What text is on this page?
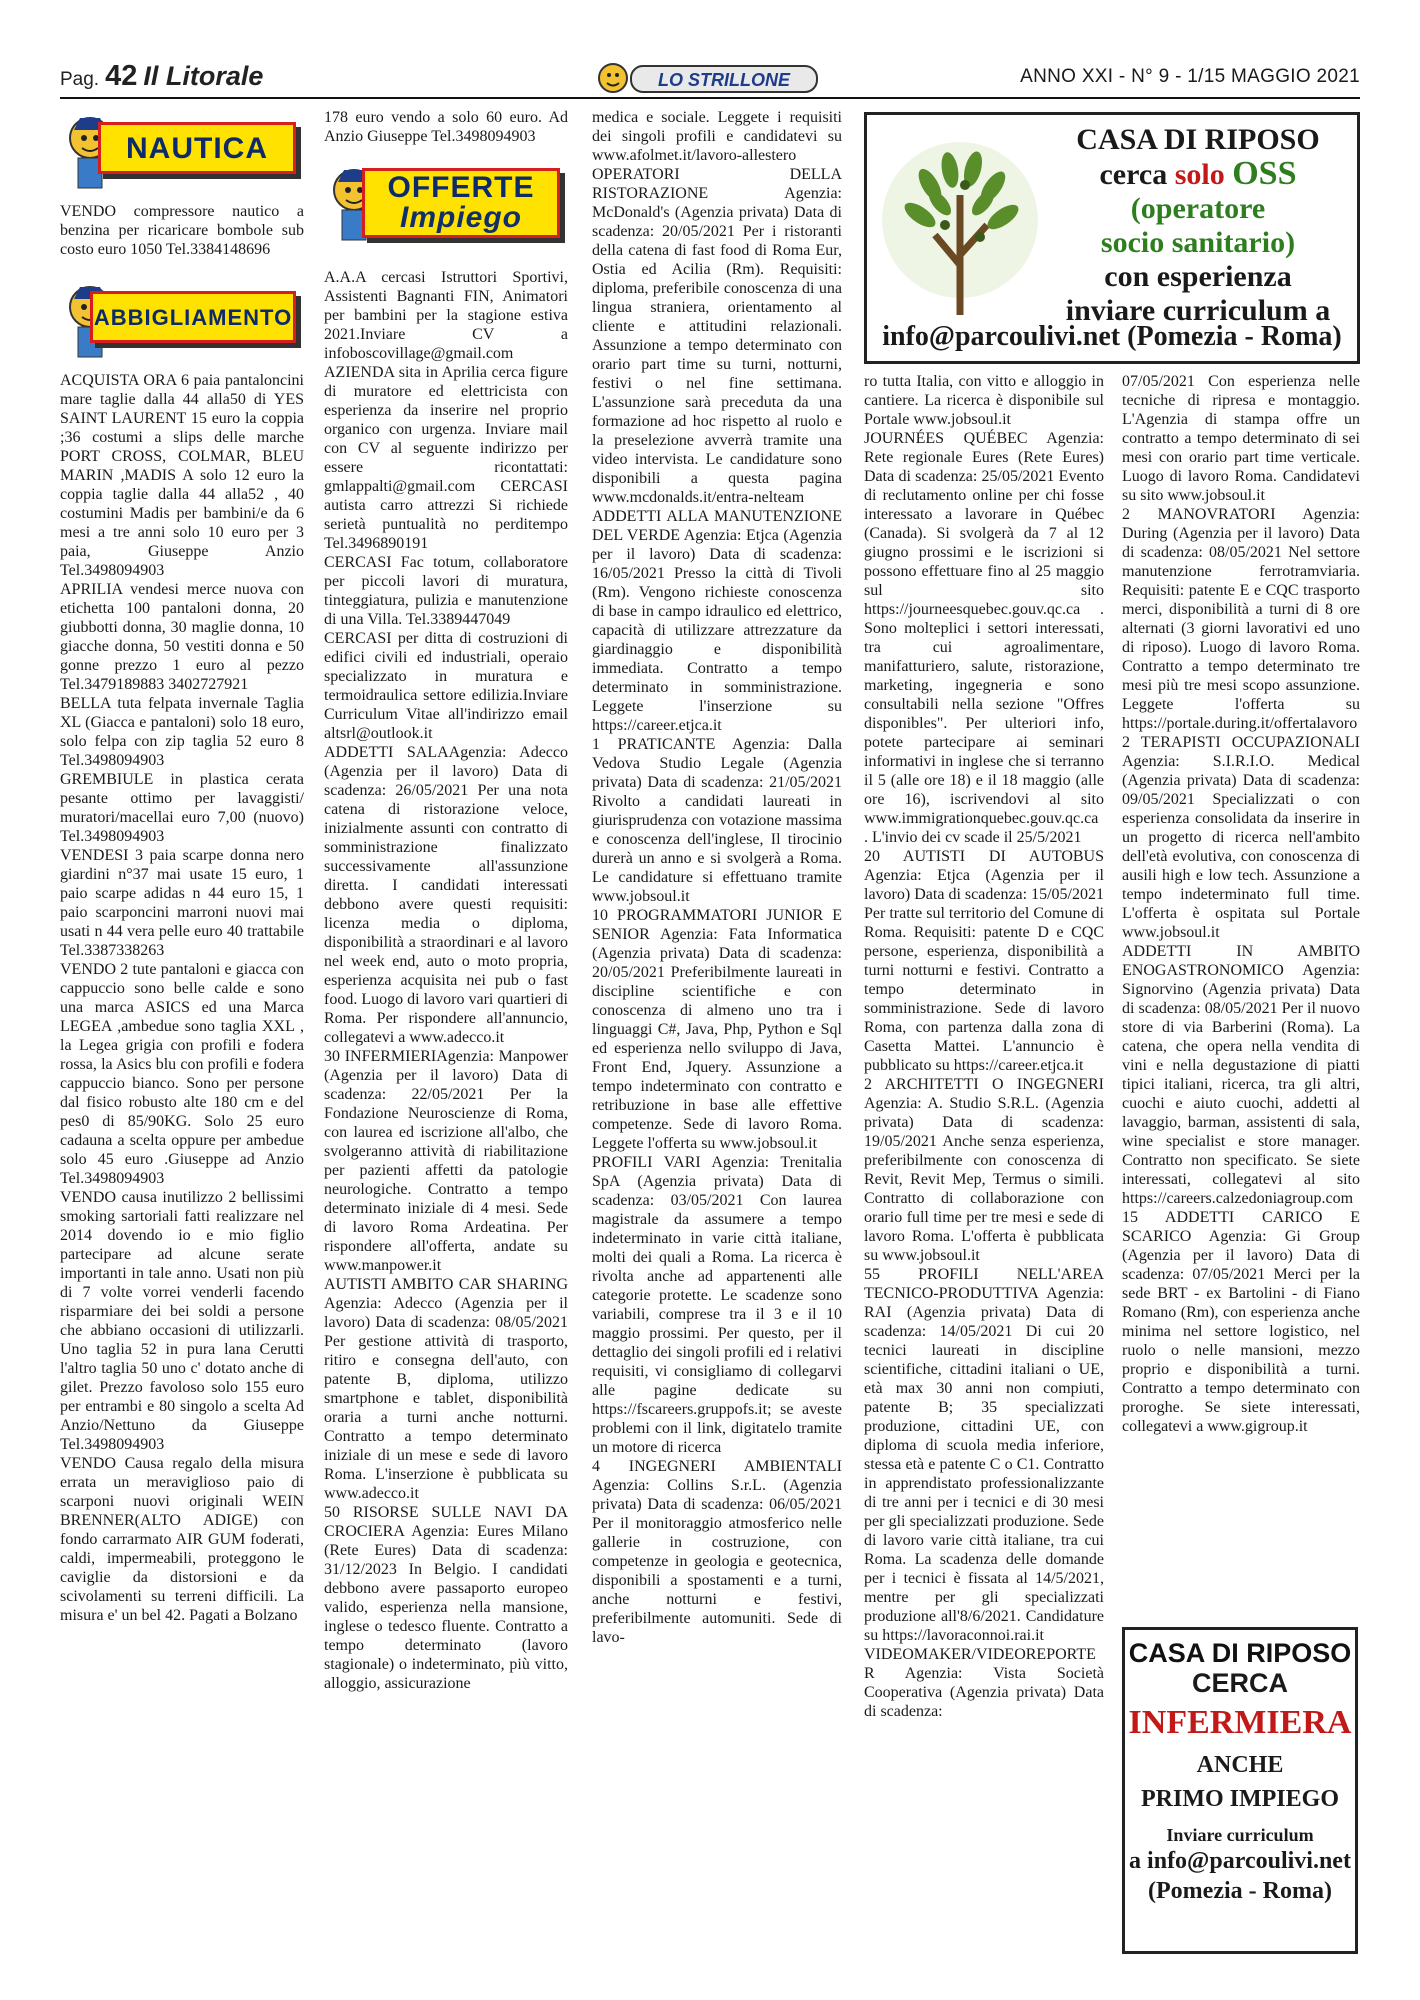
Pag. 42 Il Litorale	LO STRILLONE	ANNO XXI - N° 9 - 1/15 MAGGIO 2021
NAUTICA

VENDO compressore nautico a benzina per ricaricare bombole sub costo euro 1050 Tel.3384148696

ABBIGLIAMENTO

ACQUISTA ORA 6 paia pantaloncini mare taglie dalla 44 alla50 di YES SAINT LAURENT 15 euro la coppia ;36 costumi a slips delle marche PORT CROSS, COLMAR, BLEU MARIN ,MADIS A solo 12 euro la coppia taglie dalla 44 alla52 , 40 costumini Madis per bambini/e da 6 mesi a tre anni solo 10 euro per 3 paia, Giuseppe Anzio Tel.3498094903

APRILIA vendesi merce nuova con etichetta 100 pantaloni donna, 20 giubbotti donna, 30 maglie donna, 10 giacche donna, 50 vestiti donna e 50 gonne prezzo 1 euro al pezzo Tel.3479189883 3402727921

BELLA tuta felpata invernale Taglia XL (Giacca e pantaloni) solo 18 euro, solo felpa con zip taglia 52 euro 8 Tel.3498094903

GREMBIULE in plastica cerata pesante ottimo per lavaggisti/ muratori/macellai euro 7,00 (nuovo) Tel.3498094903

VENDESI 3 paia scarpe donna nero giardini n°37 mai usate 15 euro, 1 paio scarpe adidas n 44 euro 15, 1 paio scarponcini marroni nuovi mai usati n 44 vera pelle euro 40 trattabile Tel.3387338263

VENDO 2 tute pantaloni e giacca con cappuccio sono belle calde e sono una marca ASICS ed una Marca LEGEA ,ambedue sono taglia XXL , la Legea grigia con profili e fodera rossa, la Asics blu con profili e fodera cappuccio bianco. Sono per persone dal fisico robusto alte 180 cm e del pes0 di 85/90KG. Solo 25 euro cadauna a scelta oppure per ambedue solo 45 euro .Giuseppe ad Anzio Tel.3498094903

VENDO causa inutilizzo 2 bellissimi smoking sartoriali fatti realizzare nel 2014 dovendo io e mio figlio partecipare ad alcune serate importanti in tale anno. Usati non più di 7 volte vorrei venderli facendo risparmiare dei bei soldi a persone che abbiano occasioni di utilizzarli. Uno taglia 52 in pura lana Cerutti l'altro taglia 50 uno c' dotato anche di gilet. Prezzo favoloso solo 155 euro per entrambi e 80 singolo a scelta Ad Anzio/Nettuno da Giuseppe Tel.3498094903

VENDO Causa regalo della misura errata un meraviglioso paio di scarponi nuovi originali WEIN BRENNER(ALTO ADIGE) con fondo carrarmato AIR GUM foderati, caldi, impermeabili, proteggono le caviglie da distorsioni e da scivolamenti su terreni difficili. La misura e' un bel 42. Pagati a Bolzano

178 euro vendo a solo 60 euro. Ad Anzio Giuseppe Tel.3498094903

OFFERTE
Impiego

A.A.A cercasi Istruttori Sportivi, Assistenti Bagnanti FIN, Animatori per bambini per la stagione estiva 2021.Inviare CV a infoboscovillage@gmail.com

AZIENDA sita in Aprilia cerca figure di muratore ed elettricista con esperienza da inserire nel proprio organico con urgenza. Inviare mail con CV al seguente indirizzo per essere ricontattati: gmlappalti@gmail.com CERCASI autista carro attrezzi Si richiede serietà puntualità no perditempo Tel.3496890191

CERCASI Fac totum, collaboratore per piccoli lavori di muratura, tinteggiatura, pulizia e manutenzione di una Villa. Tel.3389447049

CERCASI per ditta di costruzioni di edifici civili ed industriali, operaio specializzato in muratura e termoidraulica settore edilizia.Inviare Curriculum Vitae all'indirizzo email altsrl@outlook.it

ADDETTI SALAAgenzia: Adecco (Agenzia per il lavoro) Data di scadenza: 26/05/2021 Per una nota catena di ristorazione veloce, inizialmente assunti con contratto di somministrazione finalizzato successivamente all'assunzione diretta. I candidati interessati debbono avere questi requisiti: licenza media o diploma, disponibilità a straordinari e al lavoro nel week end, auto o moto propria, esperienza acquisita nei pub o fast food. Luogo di lavoro vari quartieri di Roma. Per rispondere all'annuncio, collegatevi a www.adecco.it

30 INFERMIERIAgenzia: Manpower (Agenzia per il lavoro) Data di scadenza: 22/05/2021 Per la Fondazione Neuroscienze di Roma, con laurea ed iscrizione all'albo, che svolgeranno attività di riabilitazione per pazienti affetti da patologie neurologiche. Contratto a tempo determinato iniziale di 4 mesi. Sede di lavoro Roma Ardeatina. Per rispondere all'offerta, andate su www.manpower.it

AUTISTI AMBITO CAR SHARING Agenzia: Adecco (Agenzia per il lavoro) Data di scadenza: 08/05/2021 Per gestione attività di trasporto, ritiro e consegna dell'auto, con patente B, diploma, utilizzo smartphone e tablet, disponibilità oraria a turni anche notturni. Contratto a tempo determinato iniziale di un mese e sede di lavoro Roma. L'inserzione è pubblicata su www.adecco.it

50 RISORSE SULLE NAVI DA CROCIERA Agenzia: Eures Milano (Rete Eures) Data di scadenza: 31/12/2023 In Belgio. I candidati debbono avere passaporto europeo valido, esperienza nella mansione, inglese o tedesco fluente. Contratto a tempo determinato (lavoro stagionale) o indeterminato, più vitto, alloggio, assicurazione

medica e sociale. Leggete i requisiti dei singoli profili e candidatevi su www.afolmet.it/lavoro-allestero

OPERATORI DELLA RISTORAZIONE Agenzia: McDonald's (Agenzia privata) Data di scadenza: 20/05/2021 Per i ristoranti della catena di fast food di Roma Eur, Ostia ed Acilia (Rm). Requisiti: diploma, preferibile conoscenza di una lingua straniera, orientamento al cliente e attitudini relazionali. Assunzione a tempo determinato con orario part time su turni, notturni, festivi o nel fine settimana. L'assunzione sarà preceduta da una formazione ad hoc rispetto al ruolo e la preselezione avverrà tramite una video intervista. Le candidature sono disponibili a questa pagina www.mcdonalds.it/entra-nelteam

ADDETTI ALLA MANUTENZIONE DEL VERDE Agenzia: Etjca (Agenzia per il lavoro) Data di scadenza: 16/05/2021 Presso la città di Tivoli (Rm). Vengono richieste conoscenza di base in campo idraulico ed elettrico, capacità di utilizzare attrezzature da giardinaggio e disponibilità immediata. Contratto a tempo determinato in somministrazione. Leggete l'inserzione su https://career.etjca.it

1 PRATICANTE Agenzia: Dalla Vedova Studio Legale (Agenzia privata) Data di scadenza: 21/05/2021 Rivolto a candidati laureati in giurisprudenza con votazione massima e conoscenza dell'inglese, Il tirocinio durerà un anno e si svolgerà a Roma. Le candidature si effettuano tramite www.jobsoul.it

10 PROGRAMMATORI JUNIOR E SENIOR Agenzia: Fata Informatica (Agenzia privata) Data di scadenza: 20/05/2021 Preferibilmente laureati in discipline scientifiche e con conoscenza di almeno uno tra i linguaggi C#, Java, Php, Python e Sql ed esperienza nello sviluppo di Java, Front End, Jquery. Assunzione a tempo indeterminato con contratto e retribuzione in base alle effettive competenze. Sede di lavoro Roma. Leggete l'offerta su www.jobsoul.it

PROFILI VARI Agenzia: Trenitalia SpA (Agenzia privata) Data di scadenza: 03/05/2021 Con laurea magistrale da assumere a tempo indeterminato in varie città italiane, molti dei quali a Roma. La ricerca è rivolta anche ad appartenenti alle categorie protette. Le scadenze sono variabili, comprese tra il 3 e il 10 maggio prossimi. Per questo, per il dettaglio dei singoli profili ed i relativi requisiti, vi consigliamo di collegarvi alle pagine dedicate su https://fscareers.gruppofs.it; se aveste problemi con il link, digitatelo tramite un motore di ricerca

4 INGEGNERI AMBIENTALI Agenzia: Collins S.r.L. (Agenzia privata) Data di scadenza: 06/05/2021 Per il monitoraggio atmosferico nelle gallerie in costruzione, con competenze in geologia e geotecnica, disponibili a spostamenti e a turni, anche notturni e festivi, preferibilmente automuniti. Sede di lavo-

CASA DI RIPOSO
cerca solo OSS
(operatore
socio sanitario)
con esperienza
inviare curriculum a
info@parcoulivi.net (Pomezia - Roma)

ro tutta Italia, con vitto e alloggio in cantiere. La ricerca è disponibile sul Portale www.jobsoul.it

JOURNÉES QUÉBEC Agenzia: Rete regionale Eures (Rete Eures) Data di scadenza: 25/05/2021 Evento di reclutamento online per chi fosse interessato a lavorare in Québec (Canada). Si svolgerà da 7 al 12 giugno prossimi e le iscrizioni si possono effettuare fino al 25 maggio sul sito https://journeesquebec.gouv.qc.ca . Sono molteplici i settori interessati, tra cui agroalimentare, manifatturiero, salute, ristorazione, marketing, ingegneria e sono consultabili nella sezione "Offres disponibles". Per ulteriori info, potete partecipare ai seminari informativi in inglese che si terranno il 5 (alle ore 18) e il 18 maggio (alle ore 16), iscrivendovi al sito www.immigrationquebec.gouv.qc.ca . L'invio dei cv scade il 25/5/2021

20 AUTISTI DI AUTOBUS Agenzia: Etjca (Agenzia per il lavoro) Data di scadenza: 15/05/2021 Per tratte sul territorio del Comune di Roma. Requisiti: patente D e CQC persone, esperienza, disponibilità a turni notturni e festivi. Contratto a tempo determinato in somministrazione. Sede di lavoro Roma, con partenza dalla zona di Casetta Mattei. L'annuncio è pubblicato su https://career.etjca.it

2 ARCHITETTI O INGEGNERI Agenzia: A. Studio S.R.L. (Agenzia privata) Data di scadenza: 19/05/2021 Anche senza esperienza, preferibilmente con conoscenza di Revit, Revit Mep, Termus o simili. Contratto di collaborazione con orario full time per tre mesi e sede di lavoro Roma. L'offerta è pubblicata su www.jobsoul.it

55 PROFILI NELL'AREA TECNICO-PRODUTTIVA Agenzia: RAI (Agenzia privata) Data di scadenza: 14/05/2021 Di cui 20 tecnici laureati in discipline scientifiche, cittadini italiani o UE, età max 30 anni non compiuti, patente B; 35 specializzati produzione, cittadini UE, con diploma di scuola media inferiore, stessa età e patente C o C1. Contratto in apprendistato professionalizzante di tre anni per i tecnici e di 30 mesi per gli specializzati produzione. Sede di lavoro varie città italiane, tra cui Roma. La scadenza delle domande per i tecnici è fissata al 14/5/2021, mentre per gli specializzati produzione all'8/6/2021. Candidature su https://lavoraconnoi.rai.it

VIDEOMAKER/VIDEOREPORTER Agenzia: Vista Società Cooperativa (Agenzia privata) Data di scadenza:

07/05/2021 Con esperienza nelle tecniche di ripresa e montaggio. L'Agenzia di stampa offre un contratto a tempo determinato di sei mesi con orario part time verticale. Luogo di lavoro Roma. Candidatevi su sito www.jobsoul.it

2 MANOVRATORI Agenzia: During (Agenzia per il lavoro) Data di scadenza: 08/05/2021 Nel settore manutenzione ferrotramviaria. Requisiti: patente E e CQC trasporto merci, disponibilità a turni di 8 ore alternati (3 giorni lavorativi ed uno di riposo). Luogo di lavoro Roma. Contratto a tempo determinato tre mesi più tre mesi scopo assunzione. Leggete l'offerta su https://portale.during.it/offertalavoro

2 TERAPISTI OCCUPAZIONALI Agenzia: S.I.R.I.O. Medical (Agenzia privata) Data di scadenza: 09/05/2021 Specializzati o con esperienza consolidata da inserire in un progetto di ricerca nell'ambito dell'età evolutiva, con conoscenza di ausili high e low tech. Assunzione a tempo indeterminato full time. L'offerta è ospitata sul Portale www.jobsoul.it

ADDETTI IN AMBITO ENOGASTRONOMICO Agenzia: Signorvino (Agenzia privata) Data di scadenza: 08/05/2021 Per il nuovo store di via Barberini (Roma). La catena, che opera nella vendita di vini e nella degustazione di piatti tipici italiani, ricerca, tra gli altri, cuochi e aiuto cuochi, addetti al lavaggio, barman, assistenti di sala, wine specialist e store manager. Contratto non specificato. Se siete interessati, collegatevi al sito https://careers.calzedoniagroup.com

15 ADDETTI CARICO E SCARICO Agenzia: Gi Group (Agenzia per il lavoro) Data di scadenza: 07/05/2021 Merci per la sede BRT - ex Bartolini - di Fiano Romano (Rm), con esperienza anche minima nel settore logistico, nel ruolo o nelle mansioni, mezzo proprio e disponibilità a turni. Contratto a tempo determinato con proroghe. Se siete interessati, collegatevi a www.gigroup.it

CASA DI RIPOSO
CERCA
INFERMIERA
ANCHE
PRIMO IMPIEGO
Inviare curriculum
a info@parcoulivi.net
(Pomezia - Roma)
